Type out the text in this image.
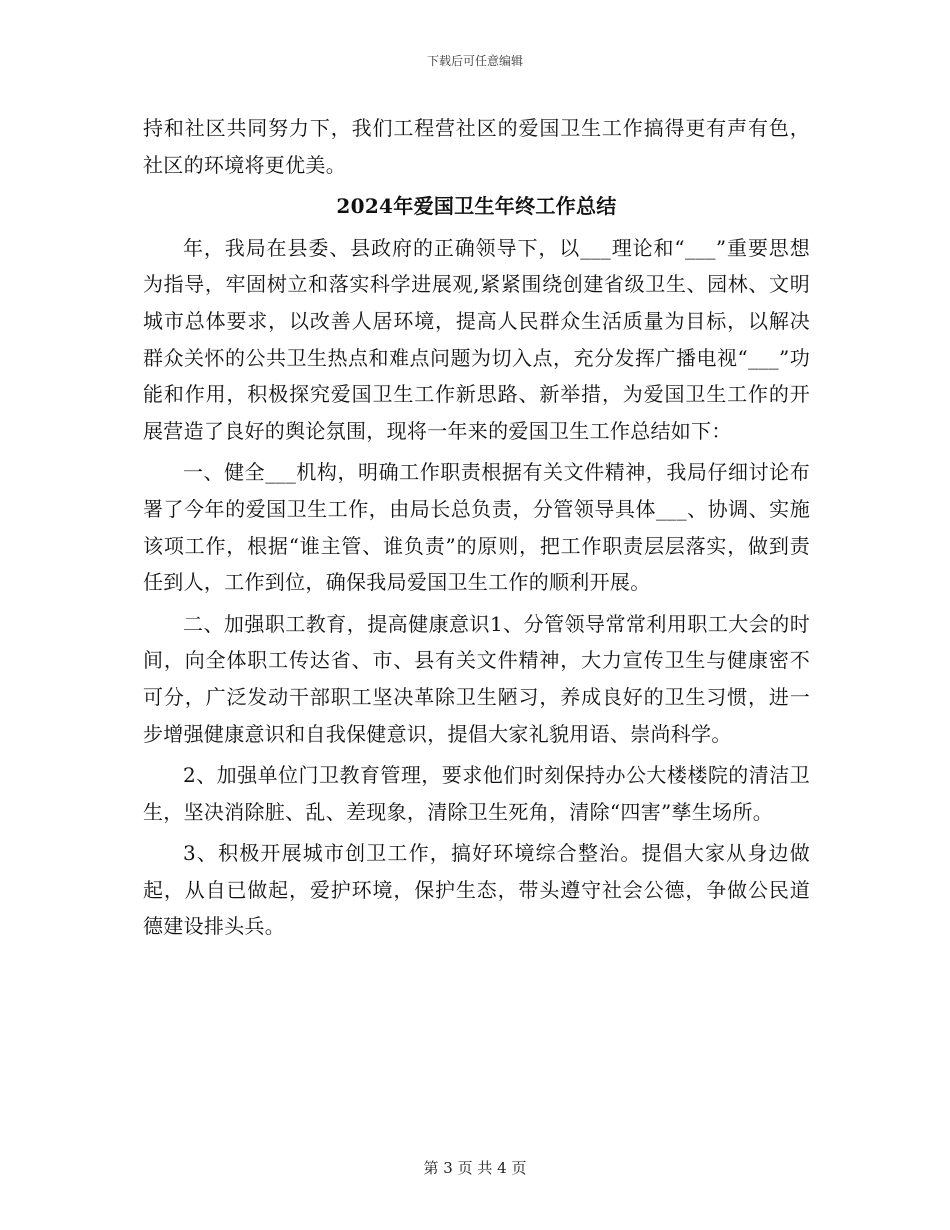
下载后可任意编辑

持和社区共同努力下，我们工程营社区的爱国卫生工作搞得更有声有色，社区的环境将更优美。

2024年爱国卫生年终工作总结

年，我局在县委、县政府的正确领导下，以___理论和“___”重要思想为指导，牢固树立和落实科学进展观,紧紧围绕创建省级卫生、园林、文明城市总体要求，以改善人居环境，提高人民群众生活质量为目标，以解决群众关怀的公共卫生热点和难点问题为切入点，充分发挥广播电视“___”功能和作用，积极探究爱国卫生工作新思路、新举措，为爱国卫生工作的开展营造了良好的舆论氛围，现将一年来的爱国卫生工作总结如下：

一、健全___机构，明确工作职责根据有关文件精神，我局仔细讨论布署了今年的爱国卫生工作，由局长总负责，分管领导具体___、协调、实施该项工作，根据“谁主管、谁负责”的原则，把工作职责层层落实，做到责任到人，工作到位，确保我局爱国卫生工作的顺利开展。

二、加强职工教育，提高健康意识1、分管领导常常利用职工大会的时间，向全体职工传达省、市、县有关文件精神，大力宣传卫生与健康密不可分，广泛发动干部职工坚决革除卫生陋习，养成良好的卫生习惯，进一步增强健康意识和自我保健意识，提倡大家礼貌用语、崇尚科学。

2、加强单位门卫教育管理，要求他们时刻保持办公大楼楼院的清洁卫生，坚决消除脏、乱、差现象，清除卫生死角，清除“四害”孳生场所。

3、积极开展城市创卫工作，搞好环境综合整治。提倡大家从身边做起，从自已做起，爱护环境，保护生态，带头遵守社会公德，争做公民道德建设排头兵。

第 3 页 共 4 页
